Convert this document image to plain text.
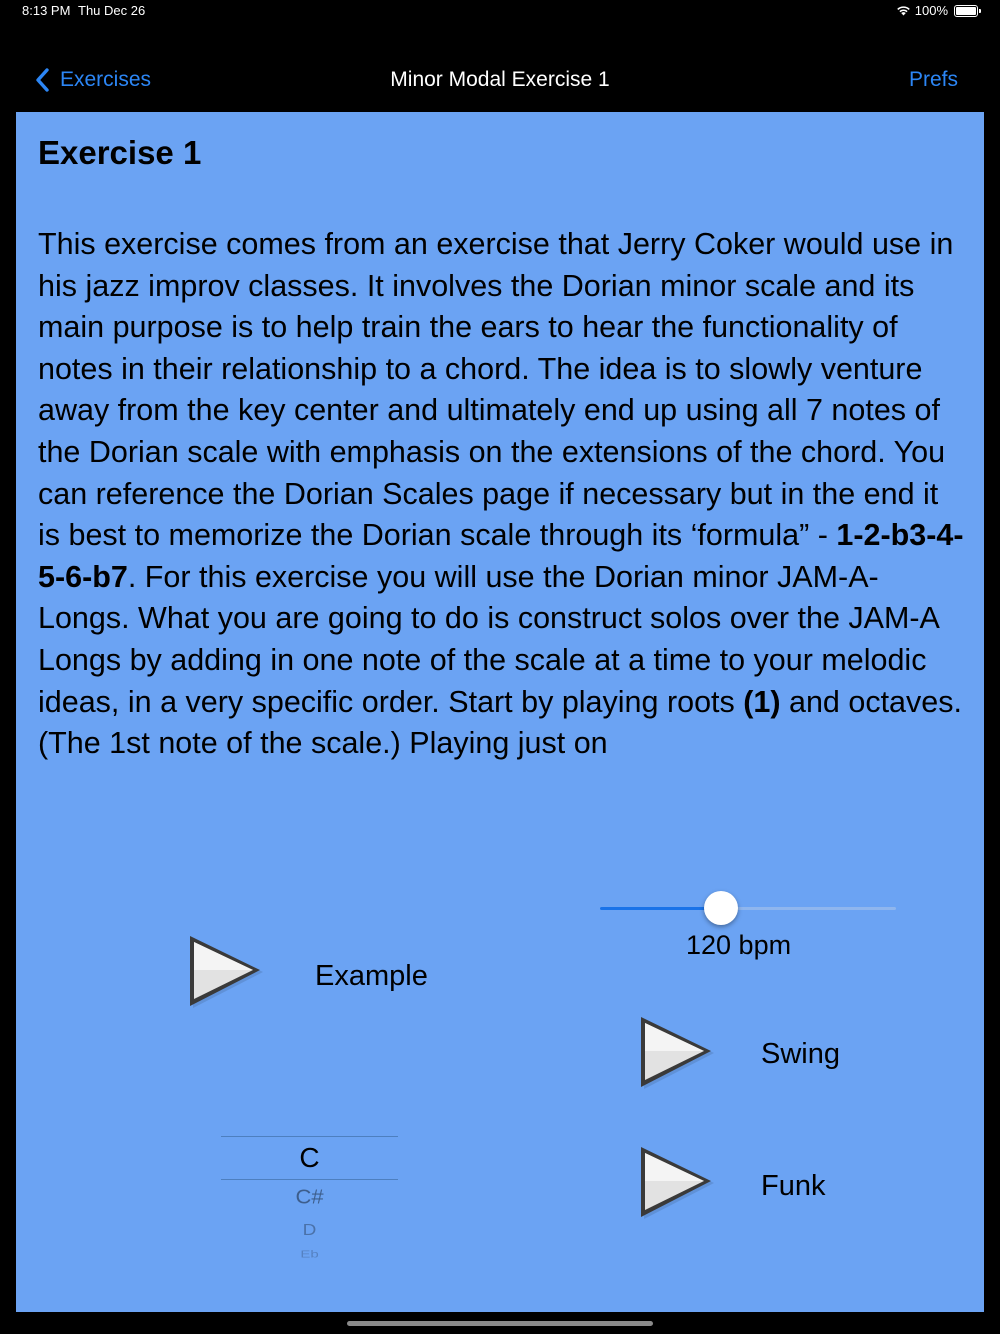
8:13 PM Thu Dec 26	100%
Exercises	Minor Modal Exercise 1	Prefs
Exercise 1
This exercise comes from an exercise that Jerry Coker would use in his jazz improv classes. It involves the Dorian minor scale and its main purpose is to help train the ears to hear the functionality of notes in their relationship to a chord. The idea is to slowly venture away from the key center and ultimately end up using all 7 notes of the Dorian scale with emphasis on the extensions of the chord. You can reference the Dorian Scales page if necessary but in the end it is best to memorize the Dorian scale through its ‘formula” - 1-2-b3-4-5-6-b7. For this exercise you will use the Dorian minor JAM-A-Longs. What you are going to do is construct solos over the JAM-A Longs by adding in one note of the scale at a time to your melodic ideas, in a very specific order. Start by playing roots (1) and octaves. (The 1st note of the scale.) Playing just on
120 bpm
Example
Swing
Funk
C
C#
D
Eb
